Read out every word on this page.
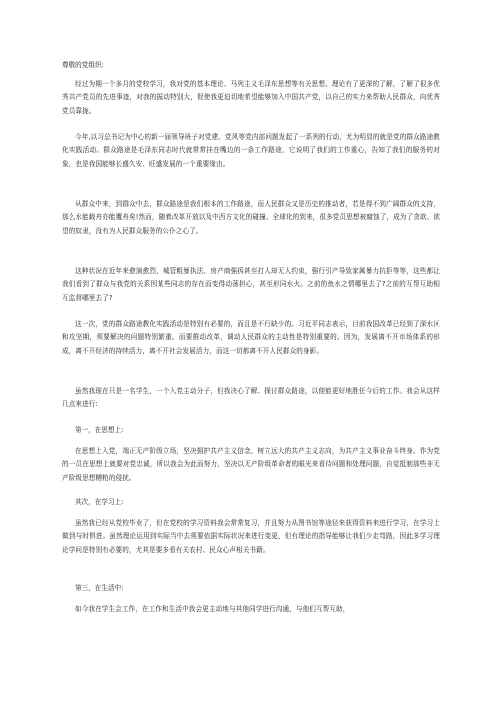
尊敬的党组织:

经过为期一个多月的党校学习，我对党的基本理论、马列主义毛泽东思想等有关思想、理论有了更深的了解，了解了很多优秀共产党员的先进事迹，对我的振动特别大，促使我更迫切地希望能够加入中国共产党，以自己的实力来帮助人民群众，向优秀党员靠拢。

今年,以习总书记为中心的新一届领导班子对党建、党风等党内部问题发起了一系列的行动，尤为明显的就是党的群众路途教化实践活动。群众路途是毛泽东同志时代就常常挂在嘴边的一条工作路途，它说明了我们的工作重心，告知了我们的服务的对象，也是我国能够长盛久安、旺盛发展的一个重要缘由。

从群众中来，到群众中去，群众路途是我们根本的工作路途，而人民群众又是历史的推动者，若是得不到广阔群众的支持，那么水能载舟亦能覆舟矣!然而，随着改革开放以及中西方文化的碰撞、全球化的到来，很多党员思想被腐蚀了，成为了贪欲、欲望的奴隶，没有为人民群众服务的公仆之心了。

这种状况在近年来愈演愈烈，城管粗暴执法、房产商强拆甚至打人却无人约束，强行引产导致家属暴力抗拒等等，这些都让我们看到了群众与我党的关系因某些同志的存在而变得动荡担心，甚至形同水火。之前的鱼水之情哪里去了?之前的互帮互助相互监督哪里去了?

这一次，党的群众路途教化实践活动是特别有必要的，而且是不行缺少的。习近平同志表示，目前我国改革已经到了深水区和攻坚期，须要解决的问题特别繁重。而要推动改革，调动人民群众的主动性是特别重要的。因为，发展离不开市场体系的形成，离不开经济的持续活力，离不开社会发展活力，而这一切都离不开人民群众的身影。

虽然我现在只是一名学生，一个入党主动分子，但我决心了解、探讨群众路途，以便能更好地胜任今后的工作。我会从这样几点来进行:

第一，在思想上:

在思想上入党，端正无产阶级立场，坚决拥护共产主义信念，树立远大的共产主义志向，为共产主义事业奋斗终身。作为党的一员在思想上就要对党忠诚，所以我会为此而努力，坚决以无产阶级革命者的眼光来看待问题和处理问题，自觉抵制那些非无产阶级思想糟粕的侵扰。

其次，在学习上:

虽然我已经从党校毕业了，但在党校的学习资料我会常常复习，并且努力从图书馆等途径来获得资料来进行学习，在学习上做到与时俱进。虽然理论运用到实际当中去须要依据实际状况来进行变更，但有理论的指导能够让我们少走弯路，因此多学习理论学问是特别有必要的，尤其是要多看有关农村、民众心声相关书籍。

第三，在生活中:

如今我在学生会工作，在工作和生活中我会更主动地与其他同学进行沟通，与他们互帮互助，
